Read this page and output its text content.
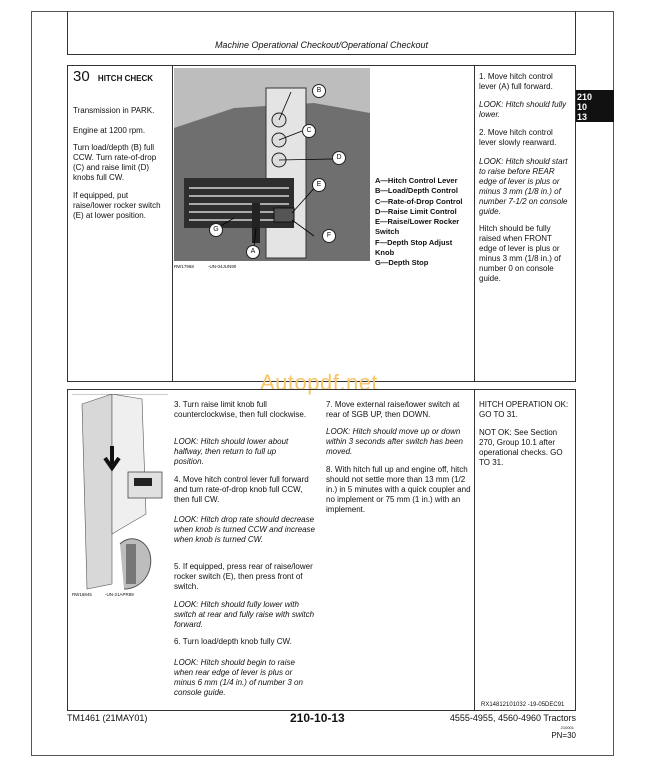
Machine Operational Checkout/Operational Checkout
210
10
13
30 HITCH CHECK
Transmission in PARK.
Engine at 1200 rpm.
Turn load/depth (B) full CCW. Turn rate-of-drop (C) and raise limit (D) knobs full CW.
If equipped, put raise/lower rocker switch (E) at lower position.
B
C
D
E
A
F
G
RW17968	-UN-04JUN90
A—Hitch Control Lever
B—Load/Depth Control
C—Rate-of-Drop Control
D—Raise Limit Control
E—Raise/Lower Rocker
Switch
F—Depth Stop Adjust
Knob
G—Depth Stop
1. Move hitch control lever (A) full forward.
LOOK: Hitch should fully lower.
2. Move hitch control lever slowly rearward.
LOOK: Hitch should start to raise before REAR edge of lever is plus or minus 3 mm (1/8 in.) of number 7-1/2 on console guide.
Hitch should be fully raised when FRONT edge of lever is plus or minus 3 mm (1/8 in.) of number 0 on console guide.
Autopdf.net
RW16845	-UN-21APR89
3. Turn raise limit knob full counterclockwise, then full clockwise.
LOOK: Hitch should lower about halfway, then return to full up position.
4. Move hitch control lever full forward and turn rate-of-drop knob full CCW, then full CW.
LOOK: Hitch drop rate should decrease when knob is turned CCW and increase when knob is turned CW.
5. If equipped, press rear of raise/lower rocker switch (E), then press front of switch.
LOOK: Hitch should fully lower with switch at rear and fully raise with switch forward.
6. Turn load/depth knob fully CW.
LOOK: Hitch should begin to raise when rear edge of lever is plus or minus 6 mm (1/4 in.) of number 3 on console guide.
7. Move external raise/lower switch at rear of SGB UP, then DOWN.
LOOK: Hitch should move up or down within 3 seconds after switch has been moved.
8. With hitch full up and engine off, hitch should not settle more than 13 mm (1/2 in.) in 5 minutes with a quick coupler and no implement or 75 mm (1 in.) with an implement.
HITCH OPERATION OK: GO TO 31.
NOT OK: See Section 270, Group 10.1 after operational checks. GO TO 31.
RX14812101032 -19-05DEC91
TM1461 (21MAY01)	210-10-13	4555-4955, 4560-4960 Tractors
210001
PN=30
